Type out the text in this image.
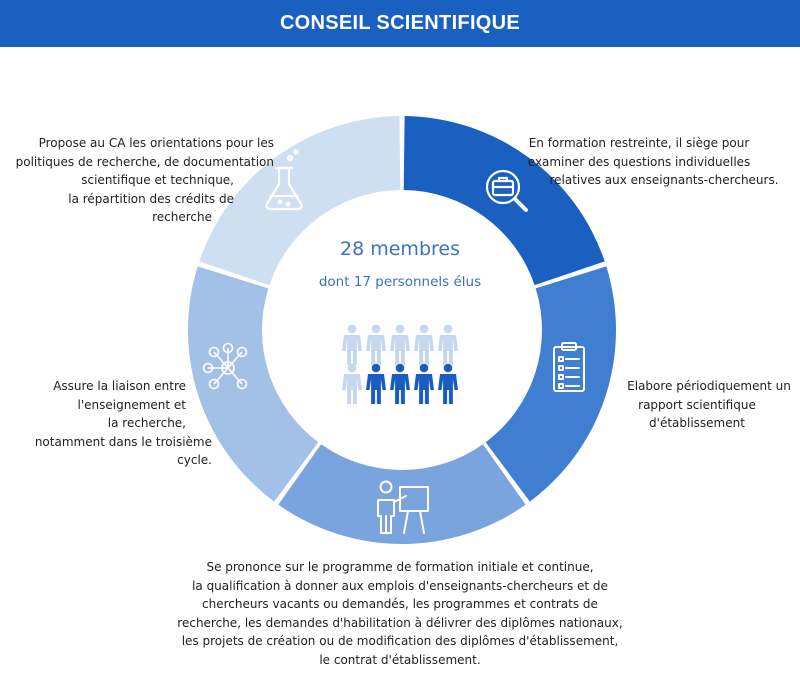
CONSEIL SCIENTIFIQUE
28 membres
dont 17 personnels élus
En formation restreinte, il siège pour
examiner des questions individuelles
relatives aux enseignants-chercheurs.
Elabore périodiquement un
rapport scientifique
d'établissement
Se prononce sur le programme de formation initiale et continue,
la qualification à donner aux emplois d'enseignants-chercheurs et de
chercheurs vacants ou demandés, les programmes et contrats de
recherche, les demandes d'habilitation à délivrer des diplômes nationaux,
les projets de création ou de modification des diplômes d'établissement,
le contrat d'établissement.
Assure la liaison entre
l'enseignement et
la recherche,
notamment dans le troisième
cycle.
Propose au CA les orientations pour les
politiques de recherche, de documentation
scientifique et technique,
la répartition des crédits de
recherche
